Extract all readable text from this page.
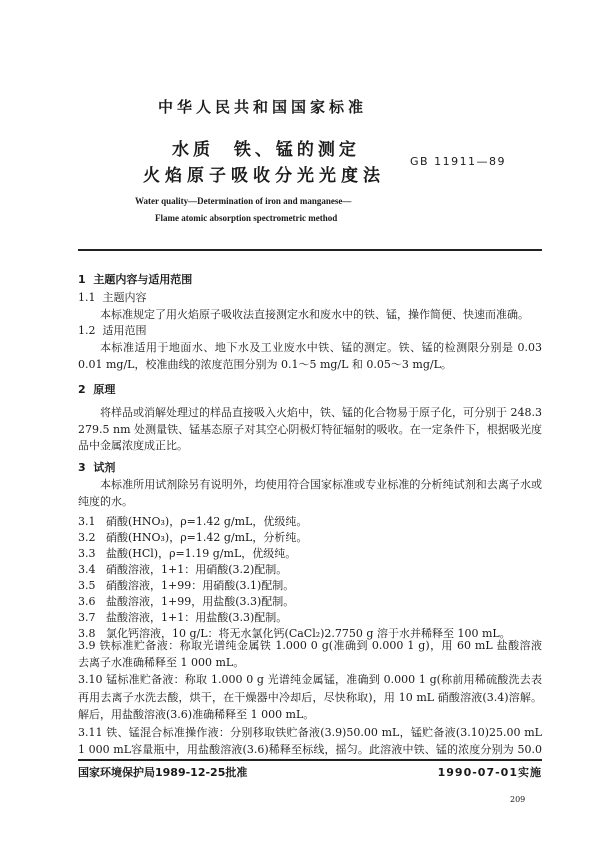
中华人民共和国国家标准
水质  铁、锰的测定
火焰原子吸收分光光度法
GB 11911—89
Water quality—Determination of iron and manganese—
Flame atomic absorption spectrometric method
1  主题内容与适用范围
1.1  主题内容
本标准规定了用火焰原子吸收法直接测定水和废水中的铁、锰，操作简便、快速而准确。
1.2  适用范围
本标准适用于地面水、地下水及工业废水中铁、锰的测定。铁、锰的检测限分别是 0.03
0.01 mg/L，校准曲线的浓度范围分别为 0.1～5 mg/L 和 0.05～3 mg/L。
2  原理
将样品或消解处理过的样品直接吸入火焰中，铁、锰的化合物易于原子化，可分别于 248.3
279.5 nm 处测量铁、锰基态原子对其空心阴极灯特征辐射的吸收。在一定条件下，根据吸光度
品中金属浓度成正比。
3  试剂
本标准所用试剂除另有说明外，均使用符合国家标准或专业标准的分析纯试剂和去离子水或
纯度的水。
3.1   硝酸(HNO₃)，ρ=1.42 g/mL，优级纯。
3.2   硝酸(HNO₃)，ρ=1.42 g/mL，分析纯。
3.3   盐酸(HCl)，ρ=1.19 g/mL，优级纯。
3.4   硝酸溶液，1+1：用硝酸(3.2)配制。
3.5   硝酸溶液，1+99：用硝酸(3.1)配制。
3.6   盐酸溶液，1+99，用盐酸(3.3)配制。
3.7   盐酸溶液，1+1：用盐酸(3.3)配制。
3.8   氯化钙溶液，10 g/L：将无水氯化钙(CaCl₂)2.7750 g 溶于水并稀释至 100 mL。
3.9 铁标准贮备液：称取光谱纯金属铁 1.000 0 g(准确到 0.000 1 g)，用 60 mL 盐酸溶液
去离子水准确稀释至 1 000 mL。
3.10 锰标准贮备液：称取 1.000 0 g 光谱纯金属锰，准确到 0.000 1 g(称前用稀硫酸洗去表
再用去离子水洗去酸，烘干，在干燥器中冷却后，尽快称取)，用 10 mL 硝酸溶液(3.4)溶解。
解后，用盐酸溶液(3.6)准确稀释至 1 000 mL。
3.11 铁、锰混合标准操作液：分别移取铁贮备液(3.9)50.00 mL，锰贮备液(3.10)25.00 mL
1 000 mL容量瓶中，用盐酸溶液(3.6)稀释至标线，摇匀。此溶液中铁、锰的浓度分别为 50.0
国家环境保护局1989-12-25批准	1990-07-01实施
209
